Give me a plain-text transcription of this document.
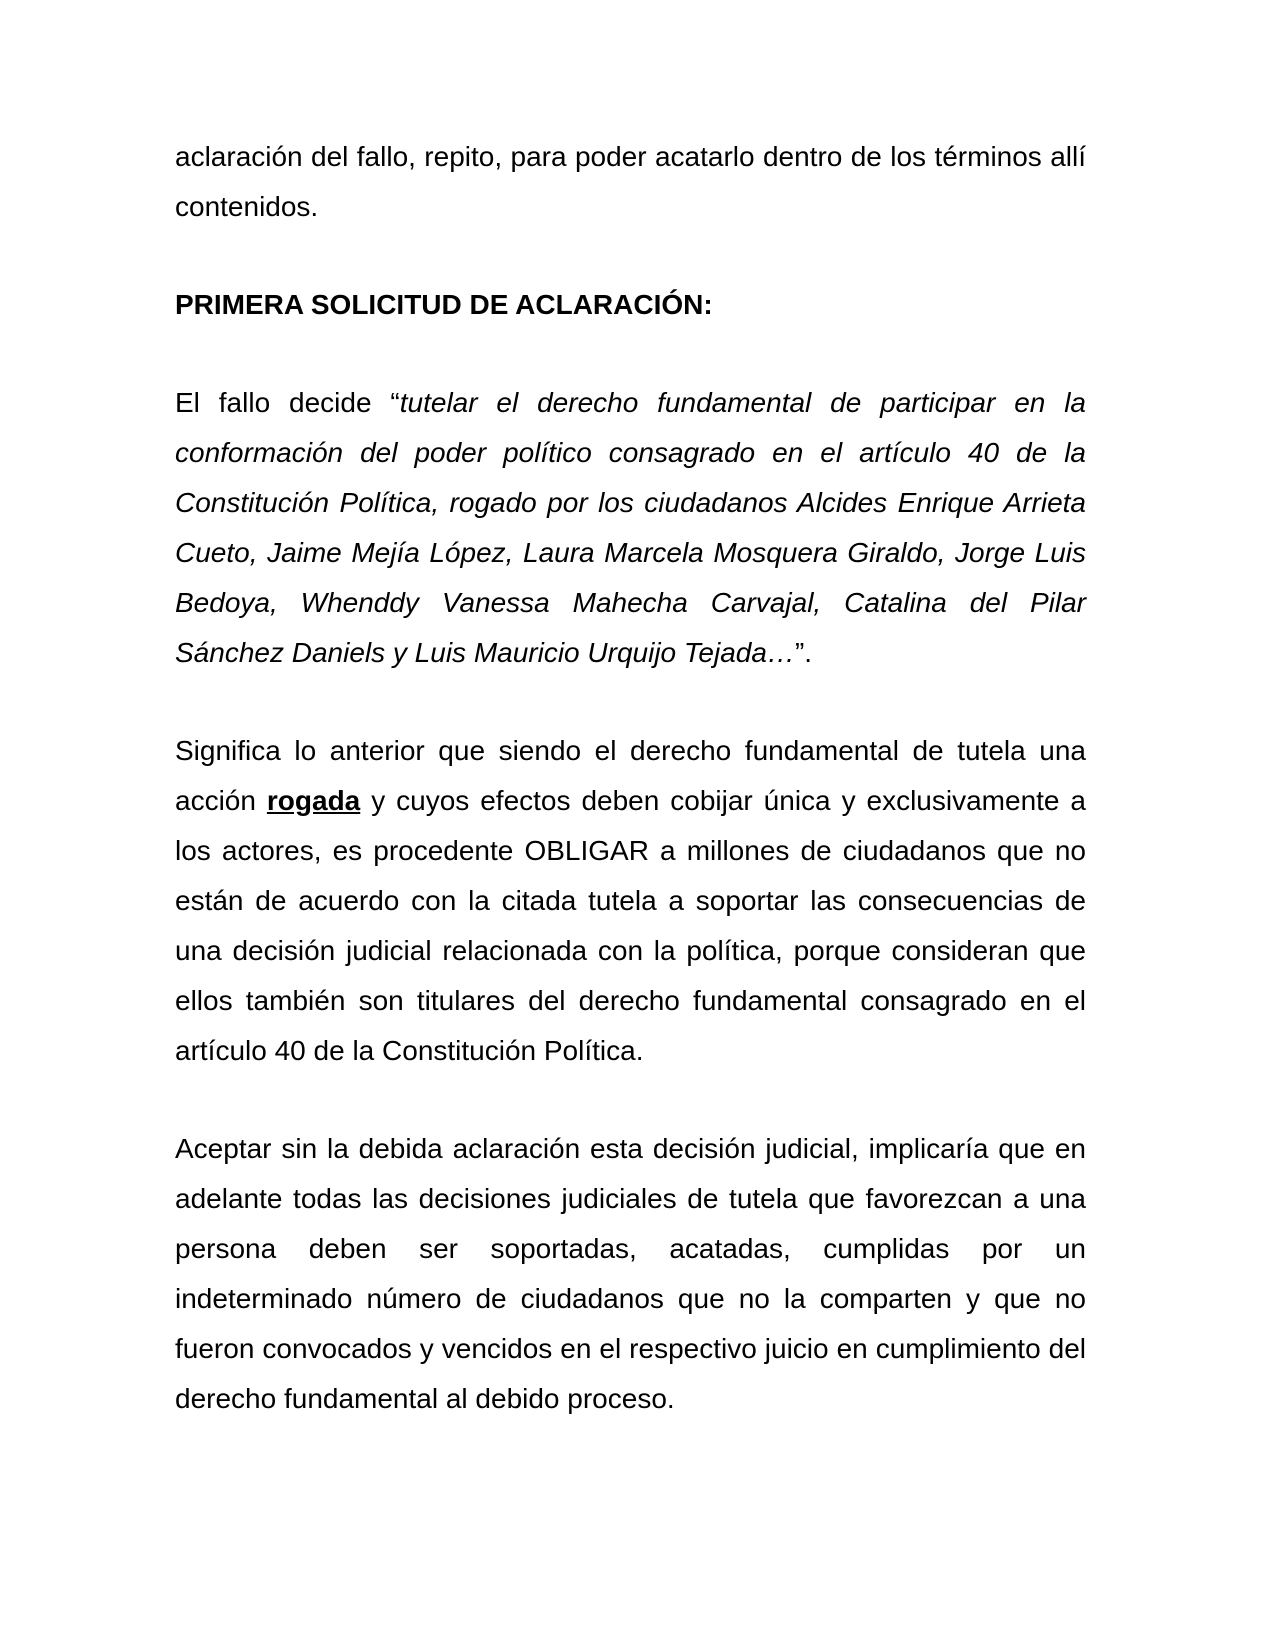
aclaración del fallo, repito, para poder acatarlo dentro de los términos allí contenidos.

PRIMERA SOLICITUD DE ACLARACIÓN:

El fallo decide “tutelar el derecho fundamental de participar en la conformación del poder político consagrado en el artículo 40 de la Constitución Política, rogado por los ciudadanos Alcides Enrique Arrieta Cueto, Jaime Mejía López, Laura Marcela Mosquera Giraldo, Jorge Luis Bedoya, Whenddy Vanessa Mahecha Carvajal, Catalina del Pilar Sánchez Daniels y Luis Mauricio Urquijo Tejada…”.

Significa lo anterior que siendo el derecho fundamental de tutela una acción rogada y cuyos efectos deben cobijar única y exclusivamente a los actores, es procedente OBLIGAR a millones de ciudadanos que no están de acuerdo con la citada tutela a soportar las consecuencias de una decisión judicial relacionada con la política, porque consideran que ellos también son titulares del derecho fundamental consagrado en el artículo 40 de la Constitución Política.

Aceptar sin la debida aclaración esta decisión judicial, implicaría que en adelante todas las decisiones judiciales de tutela que favorezcan a una persona deben ser soportadas, acatadas, cumplidas por un indeterminado número de ciudadanos que no la comparten y que no fueron convocados y vencidos en el respectivo juicio en cumplimiento del derecho fundamental al debido proceso.
